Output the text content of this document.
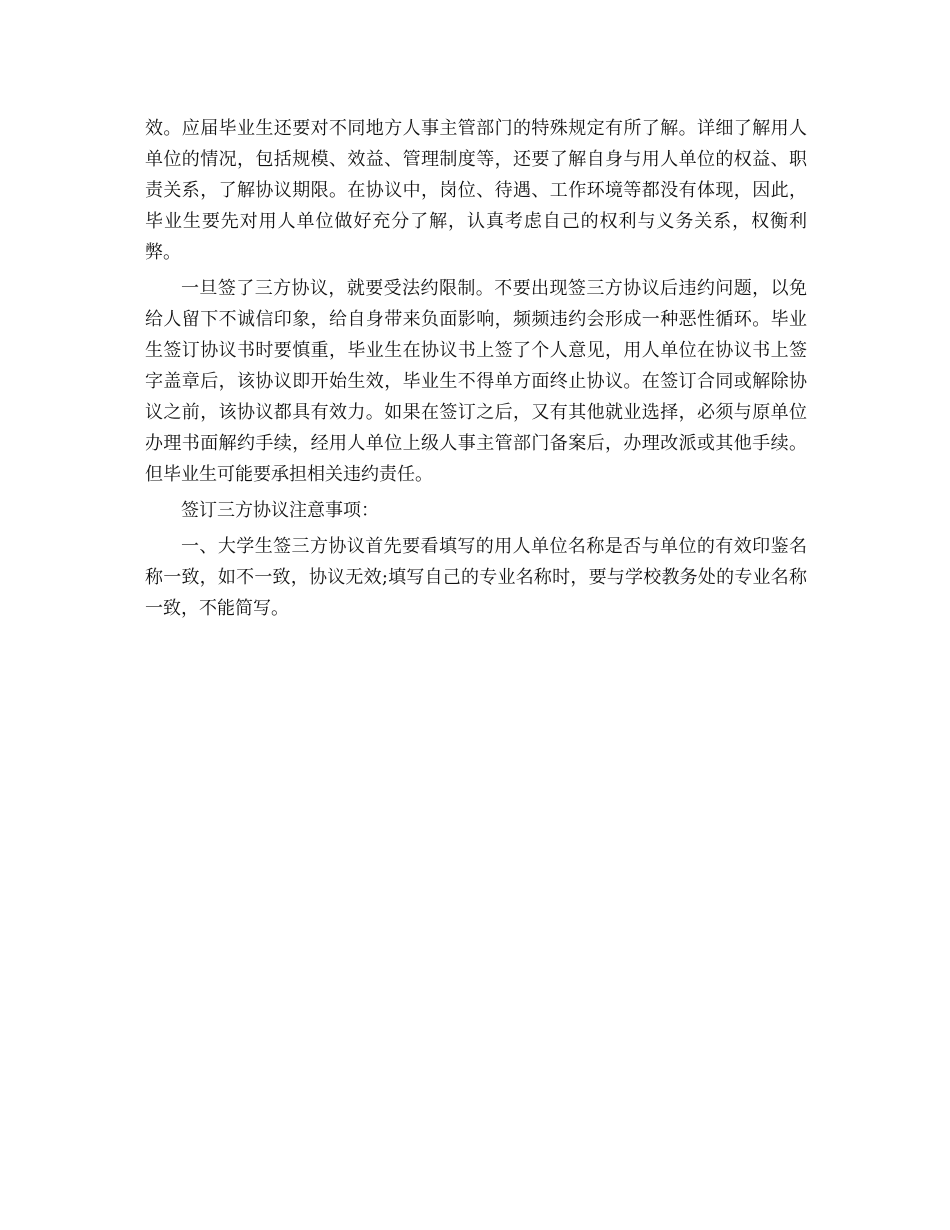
效。应届毕业生还要对不同地方人事主管部门的特殊规定有所了解。详细了解用人单位的情况，包括规模、效益、管理制度等，还要了解自身与用人单位的权益、职责关系，了解协议期限。在协议中，岗位、待遇、工作环境等都没有体现，因此，毕业生要先对用人单位做好充分了解，认真考虑自己的权利与义务关系，权衡利弊。

一旦签了三方协议，就要受法约限制。不要出现签三方协议后违约问题，以免给人留下不诚信印象，给自身带来负面影响，频频违约会形成一种恶性循环。毕业生签订协议书时要慎重，毕业生在协议书上签了个人意见，用人单位在协议书上签字盖章后，该协议即开始生效，毕业生不得单方面终止协议。在签订合同或解除协议之前，该协议都具有效力。如果在签订之后，又有其他就业选择，必须与原单位办理书面解约手续，经用人单位上级人事主管部门备案后，办理改派或其他手续。但毕业生可能要承担相关违约责任。

签订三方协议注意事项：

一、大学生签三方协议首先要看填写的用人单位名称是否与单位的有效印鉴名称一致，如不一致，协议无效;填写自己的专业名称时，要与学校教务处的专业名称一致，不能简写。
